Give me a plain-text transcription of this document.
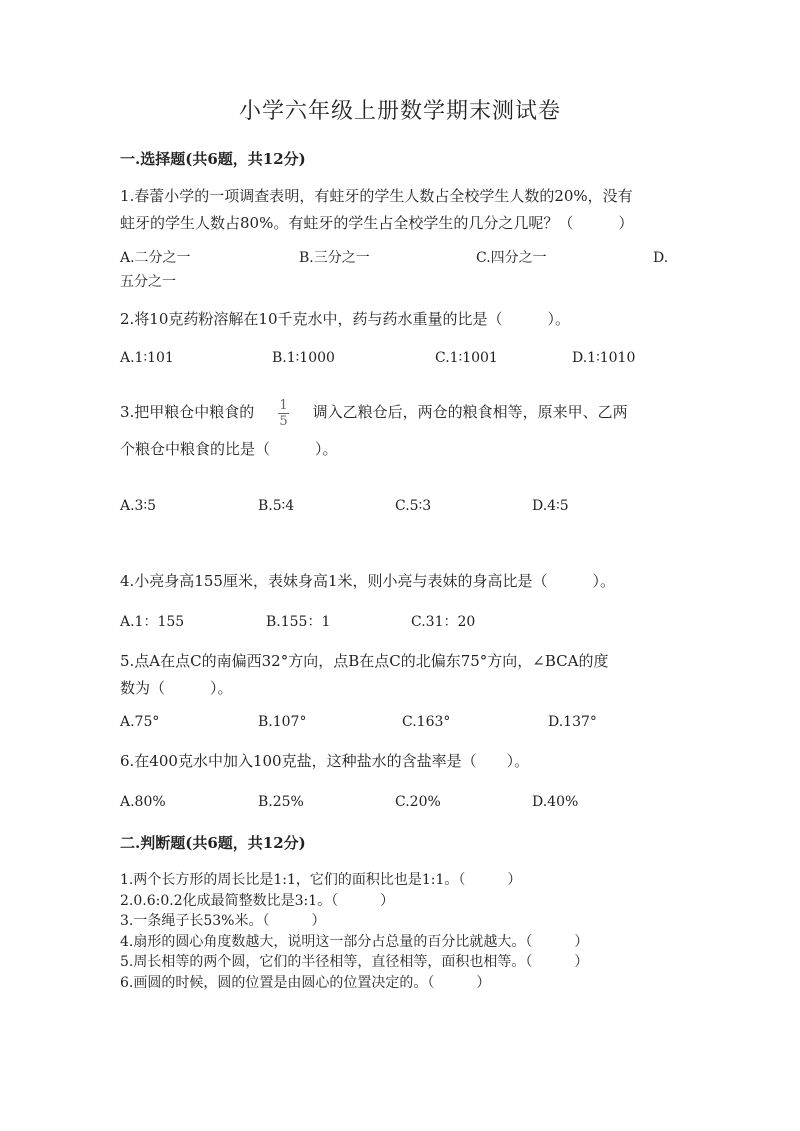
小学六年级上册数学期末测试卷
一.选择题(共6题，共12分)
1.春蕾小学的一项调查表明，有蛀牙的学生人数占全校学生人数的20%，没有
蛀牙的学生人数占80%。有蛀牙的学生占全校学生的几分之几呢？（　　　）
A.二分之一	B.三分之一	C.四分之一	D.
五分之一
2.将10克药粉溶解在10千克水中，药与药水重量的比是（　　　）。
A.1∶101	B.1∶1000	C.1∶1001	D.1∶1010
3.把甲粮仓中粮食的 $\frac{1}{5}$ 调入乙粮仓后，两仓的粮食相等，原来甲、乙两
个粮仓中粮食的比是（　　　）。
A.3∶5	B.5∶4	C.5∶3	D.4∶5
4.小亮身高155厘米，表妹身高1米，则小亮与表妹的身高比是（　　　）。
A.1：155	B.155：1	C.31：20
5.点A在点C的南偏西32°方向，点B在点C的北偏东75°方向，∠BCA的度
数为（　　　）。
A.75°	B.107°	C.163°	D.137°
6.在400克水中加入100克盐，这种盐水的含盐率是（　　）。
A.80%	B.25%	C.20%	D.40%
二.判断题(共6题，共12分)
1.两个长方形的周长比是1:1，它们的面积比也是1:1。（　　　）
2.0.6:0.2化成最简整数比是3:1。（　　　）
3.一条绳子长53%米。（　　　）
4.扇形的圆心角度数越大，说明这一部分占总量的百分比就越大。（　　　）
5.周长相等的两个圆，它们的半径相等，直径相等，面积也相等。（　　　）
6.画圆的时候，圆的位置是由圆心的位置决定的。（　　　）
